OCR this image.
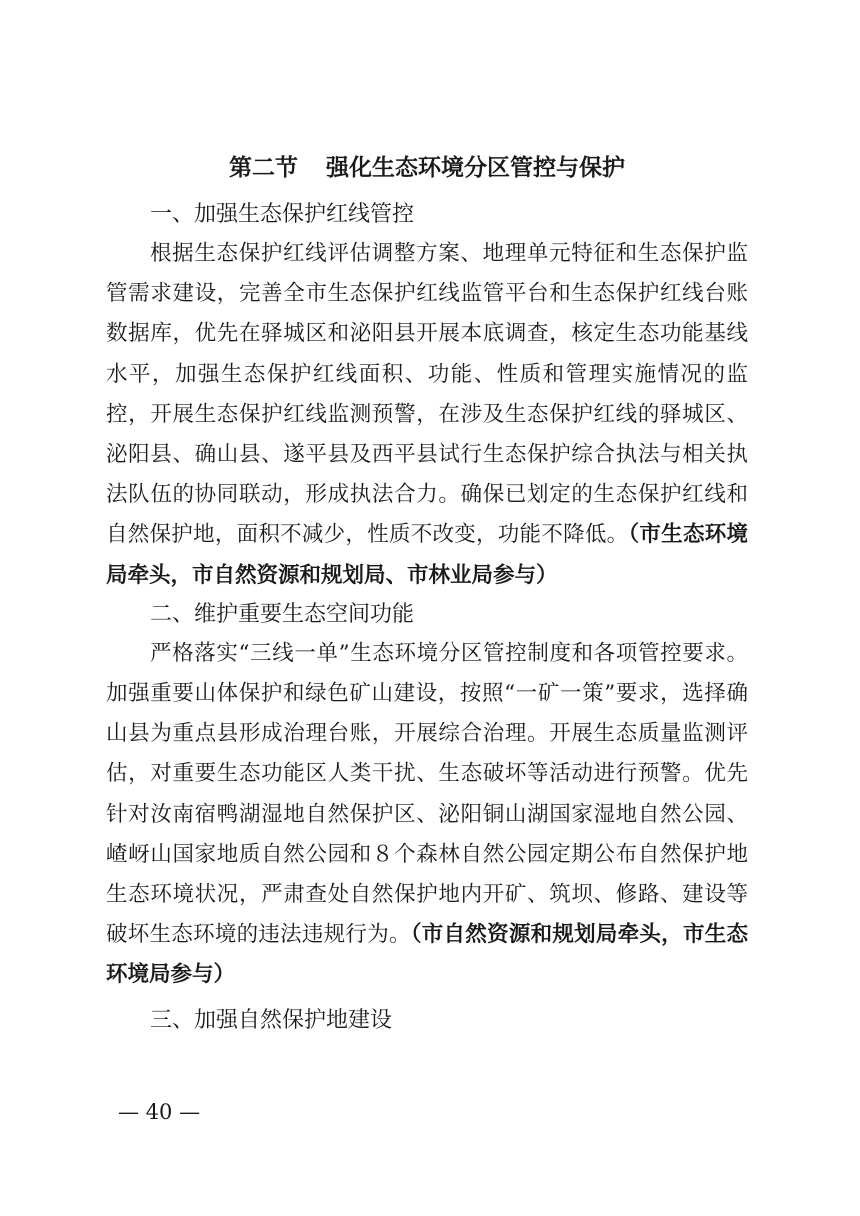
第二节 强化生态环境分区管控与保护
一、加强生态保护红线管控

根据生态保护红线评估调整方案、地理单元特征和生态保护监管需求建设，完善全市生态保护红线监管平台和生态保护红线台账数据库，优先在驿城区和泌阳县开展本底调查，核定生态功能基线水平，加强生态保护红线面积、功能、性质和管理实施情况的监控，开展生态保护红线监测预警，在涉及生态保护红线的驿城区、泌阳县、确山县、遂平县及西平县试行生态保护综合执法与相关执法队伍的协同联动，形成执法合力。确保已划定的生态保护红线和自然保护地，面积不减少，性质不改变，功能不降低。（市生态环境局牵头，市自然资源和规划局、市林业局参与）

二、维护重要生态空间功能

严格落实“三线一单”生态环境分区管控制度和各项管控要求。加强重要山体保护和绿色矿山建设，按照“一矿一策”要求，选择确山县为重点县形成治理台账，开展综合治理。开展生态质量监测评估，对重要生态功能区人类干扰、生态破坏等活动进行预警。优先针对汝南宿鸭湖湿地自然保护区、泌阳铜山湖国家湿地自然公园、嵖岈山国家地质自然公园和８个森林自然公园定期公布自然保护地生态环境状况，严肃查处自然保护地内开矿、筑坝、修路、建设等破坏生态环境的违法违规行为。（市自然资源和规划局牵头，市生态环境局参与）

三、加强自然保护地建设
— 40 —
